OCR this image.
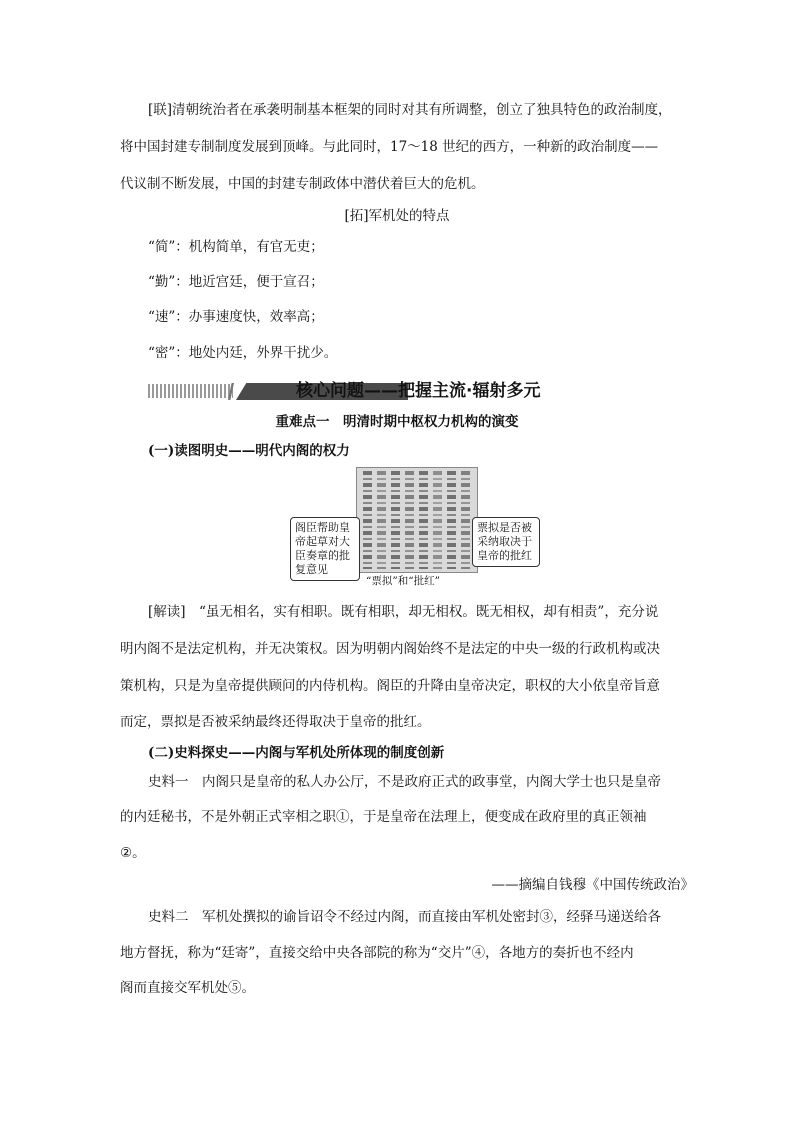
[联]清朝统治者在承袭明制基本框架的同时对其有所调整，创立了独具特色的政治制度，
将中国封建专制制度发展到顶峰。与此同时，17～18 世纪的西方，一种新的政治制度——
代议制不断发展，中国的封建专制政体中潜伏着巨大的危机。
[拓]军机处的特点
“简”：机构简单，有官无吏；
“勤”：地近宫廷，便于宣召；
“速”：办事速度快，效率高；
“密”：地处内廷，外界干扰少。
核心问题——把握主流·辐射多元
重难点一　明清时期中枢权力机构的演变
(一)读图明史——明代内阁的权力
阁臣帮助皇帝起草对大臣奏章的批复意见
票拟是否被采纳取决于皇帝的批红
“票拟”和“批红”
[解读]　“虽无相名，实有相职。既有相职，却无相权。既无相权，却有相责”，充分说
明内阁不是法定机构，并无决策权。因为明朝内阁始终不是法定的中央一级的行政机构或决
策机构，只是为皇帝提供顾问的内侍机构。阁臣的升降由皇帝决定，职权的大小依皇帝旨意
而定，票拟是否被采纳最终还得取决于皇帝的批红。
(二)史料探史——内阁与军机处所体现的制度创新
史料一　内阁只是皇帝的私人办公厅，不是政府正式的政事堂，内阁大学士也只是皇帝
的内廷秘书，不是外朝正式宰相之职①，于是皇帝在法理上，便变成在政府里的真正领袖
②。
——摘编自钱穆《中国传统政治》
史料二　军机处撰拟的谕旨诏令不经过内阁，而直接由军机处密封③，经驿马递送给各
地方督抚，称为“廷寄”，直接交给中央各部院的称为“交片”④，各地方的奏折也不经内
阁而直接交军机处⑤。
